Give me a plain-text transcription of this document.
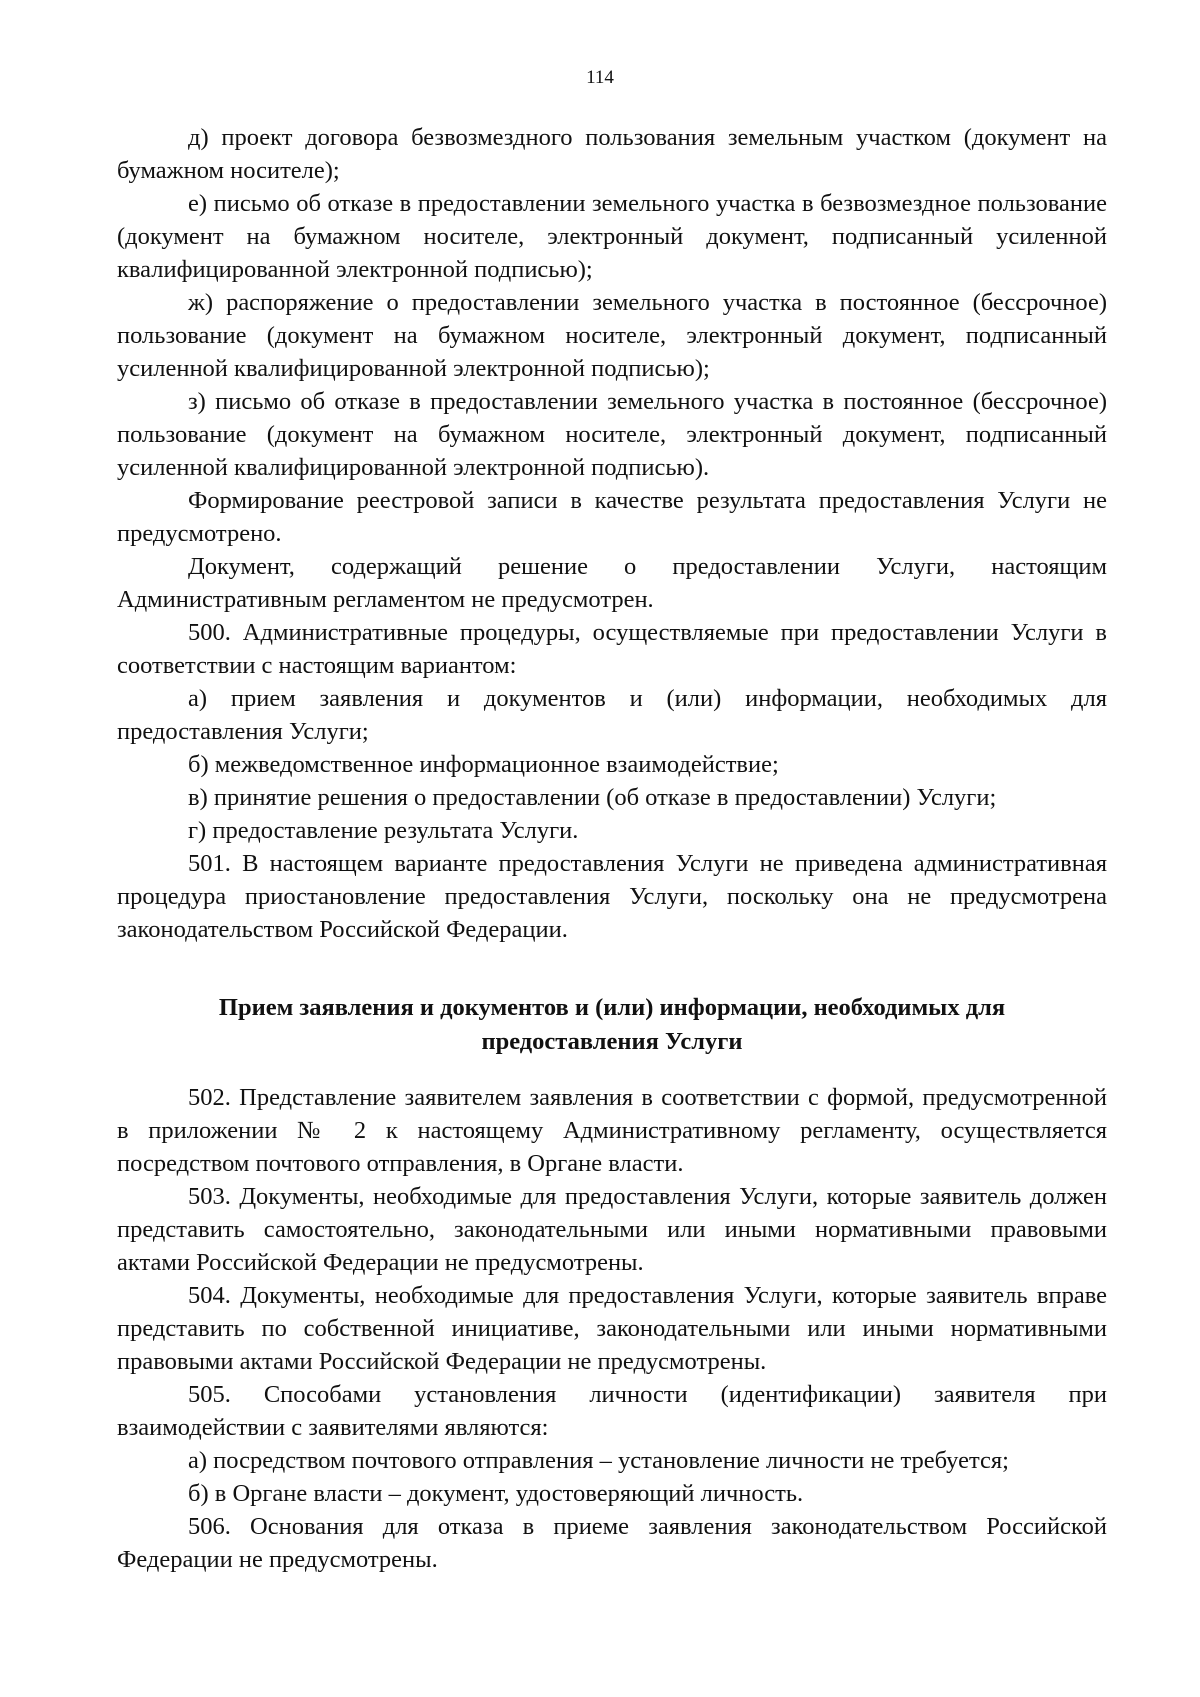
114

д) проект договора безвозмездного пользования земельным участком (документ на бумажном носителе);

е) письмо об отказе в предоставлении земельного участка в безвозмездное пользование (документ на бумажном носителе, электронный документ, подписанный усиленной квалифицированной электронной подписью);

ж) распоряжение о предоставлении земельного участка в постоянное (бессрочное) пользование (документ на бумажном носителе, электронный документ, подписанный усиленной квалифицированной электронной подписью);

з) письмо об отказе в предоставлении земельного участка в постоянное (бессрочное) пользование (документ на бумажном носителе, электронный документ, подписанный усиленной квалифицированной электронной подписью).

Формирование реестровой записи в качестве результата предоставления Услуги не предусмотрено.

Документ, содержащий решение о предоставлении Услуги, настоящим Административным регламентом не предусмотрен.

500. Административные процедуры, осуществляемые при предоставлении Услуги в соответствии с настоящим вариантом:

а) прием заявления и документов и (или) информации, необходимых для предоставления Услуги;

б) межведомственное информационное взаимодействие;

в) принятие решения о предоставлении (об отказе в предоставлении) Услуги;

г) предоставление результата Услуги.

501. В настоящем варианте предоставления Услуги не приведена административная процедура приостановление предоставления Услуги, поскольку она не предусмотрена законодательством Российской Федерации.

Прием заявления и документов и (или) информации, необходимых для
предоставления Услуги

502. Представление заявителем заявления в соответствии с формой, предусмотренной в приложении № 2 к настоящему Административному регламенту, осуществляется посредством почтового отправления, в Органе власти.

503. Документы, необходимые для предоставления Услуги, которые заявитель должен представить самостоятельно, законодательными или иными нормативными правовыми актами Российской Федерации не предусмотрены.

504. Документы, необходимые для предоставления Услуги, которые заявитель вправе представить по собственной инициативе, законодательными или иными нормативными правовыми актами Российской Федерации не предусмотрены.

505. Способами установления личности (идентификации) заявителя при взаимодействии с заявителями являются:

а) посредством почтового отправления – установление личности не требуется;

б) в Органе власти – документ, удостоверяющий личность.

506. Основания для отказа в приеме заявления законодательством Российской Федерации не предусмотрены.
